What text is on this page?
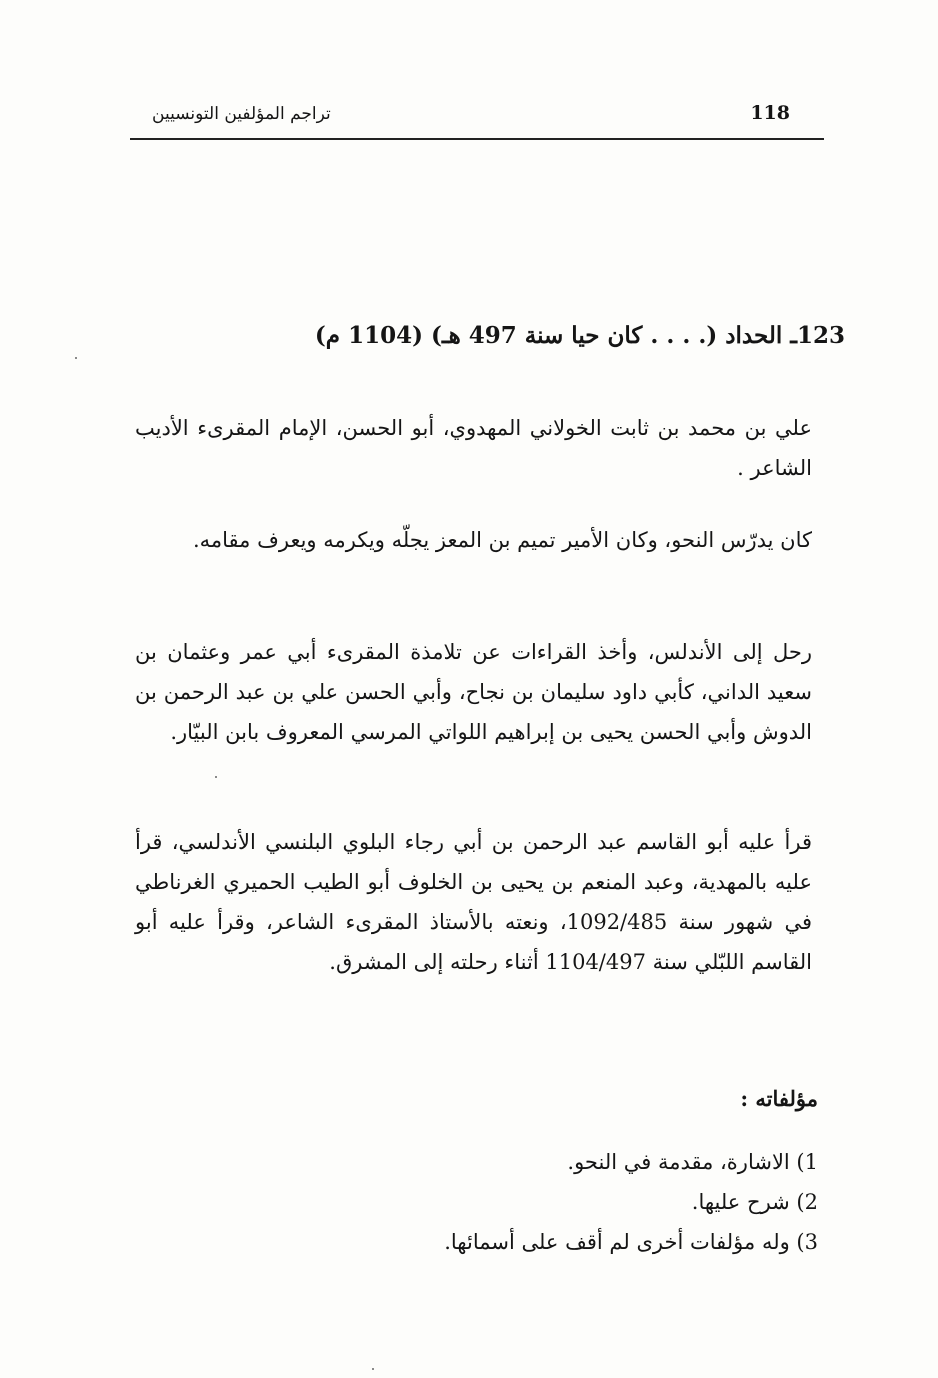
118
تراجم المؤلفين التونسيين
123ـ الحداد (. . . . كان حيا سنة 497 هـ) (1104 م)

علي بن محمد بن ثابت الخولاني المهدوي، أبو الحسن، الإمام المقرىء الأديب الشاعر .

كان يدرّس النحو، وكان الأمير تميم بن المعز يجلّه ويكرمه ويعرف مقامه.

رحل إلى الأندلس، وأخذ القراءات عن تلامذة المقرىء أبي عمر وعثمان بن سعيد الداني، كأبي داود سليمان بن نجاح، وأبي الحسن علي بن عبد الرحمن بن الدوش وأبي الحسن يحيى بن إبراهيم اللواتي المرسي المعروف بابن البيّار.

قرأ عليه أبو القاسم عبد الرحمن بن أبي رجاء البلوي البلنسي الأندلسي، قرأ عليه بالمهدية، وعبد المنعم بن يحيى بن الخلوف أبو الطيب الحميري الغرناطي في شهور سنة 1092/485، ونعته بالأستاذ المقرىء الشاعر، وقرأ عليه أبو القاسم اللبّلي سنة 1104/497 أثناء رحلته إلى المشرق.

مؤلفاته :
1) الاشارة، مقدمة في النحو.
2) شرح عليها.
3) وله مؤلفات أخرى لم أقف على أسمائها.
